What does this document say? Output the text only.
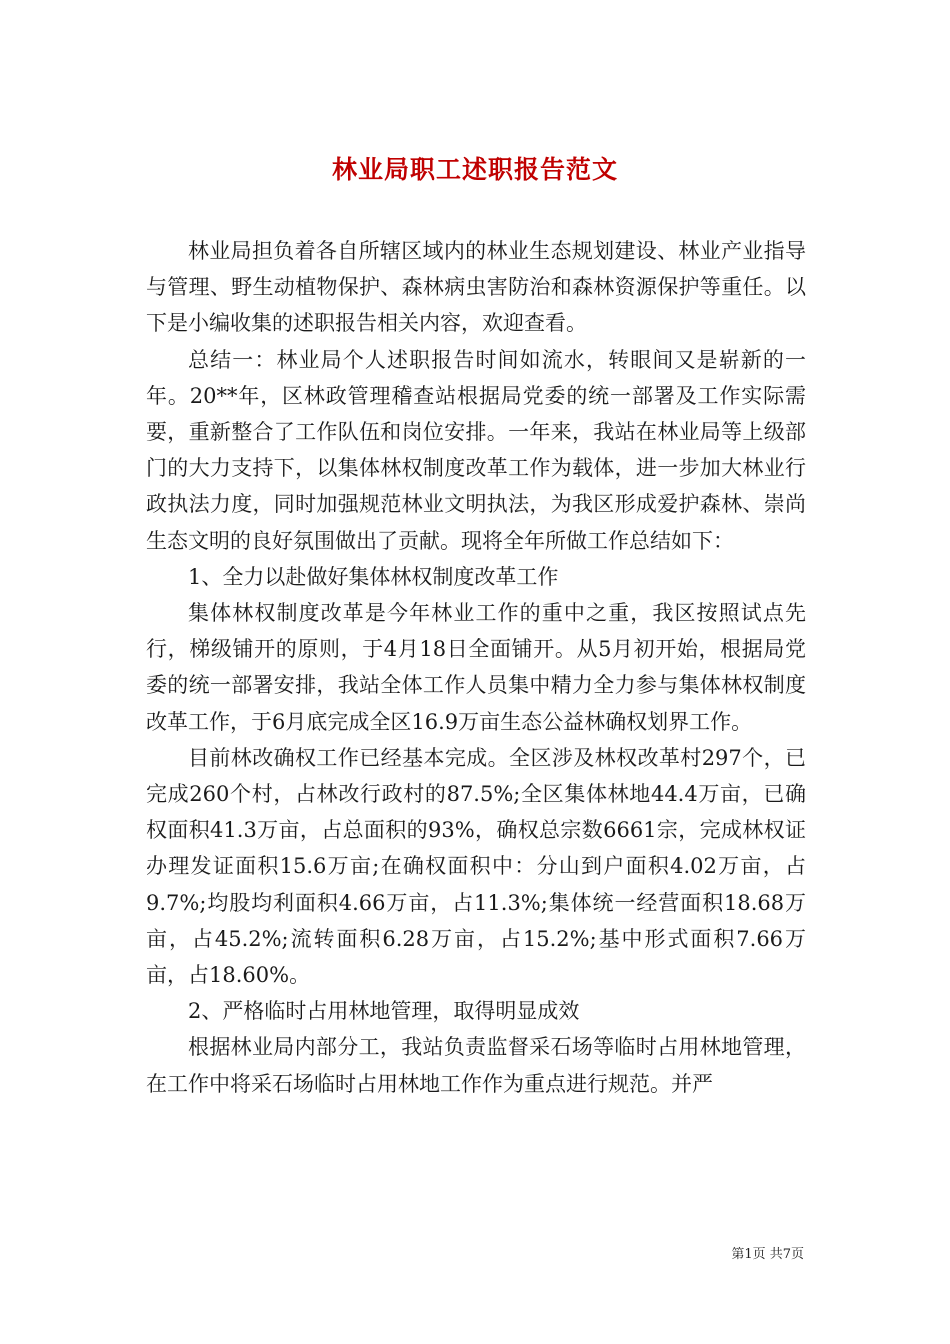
林业局职工述职报告范文

林业局担负着各自所辖区域内的林业生态规划建设、林业产业指导与管理、野生动植物保护、森林病虫害防治和森林资源保护等重任。以下是小编收集的述职报告相关内容，欢迎查看。

总结一：林业局个人述职报告时间如流水，转眼间又是崭新的一年。20**年，区林政管理稽查站根据局党委的统一部署及工作实际需要，重新整合了工作队伍和岗位安排。一年来，我站在林业局等上级部门的大力支持下，以集体林权制度改革工作为载体，进一步加大林业行政执法力度，同时加强规范林业文明执法，为我区形成爱护森林、崇尚生态文明的良好氛围做出了贡献。现将全年所做工作总结如下：

1、全力以赴做好集体林权制度改革工作

集体林权制度改革是今年林业工作的重中之重，我区按照试点先行，梯级铺开的原则，于4月18日全面铺开。从5月初开始，根据局党委的统一部署安排，我站全体工作人员集中精力全力参与集体林权制度改革工作，于6月底完成全区16.9万亩生态公益林确权划界工作。

目前林改确权工作已经基本完成。全区涉及林权改革村297个，已完成260个村，占林改行政村的87.5%;全区集体林地44.4万亩，已确权面积41.3万亩，占总面积的93%，确权总宗数6661宗，完成林权证办理发证面积15.6万亩;在确权面积中：分山到户面积4.02万亩，占9.7%;均股均利面积4.66万亩，占11.3%;集体统一经营面积18.68万亩，占45.2%;流转面积6.28万亩，占15.2%;基中形式面积7.66万亩，占18.60%。

2、严格临时占用林地管理，取得明显成效

根据林业局内部分工，我站负责监督采石场等临时占用林地管理，在工作中将采石场临时占用林地工作作为重点进行规范。并严

第1页 共7页
